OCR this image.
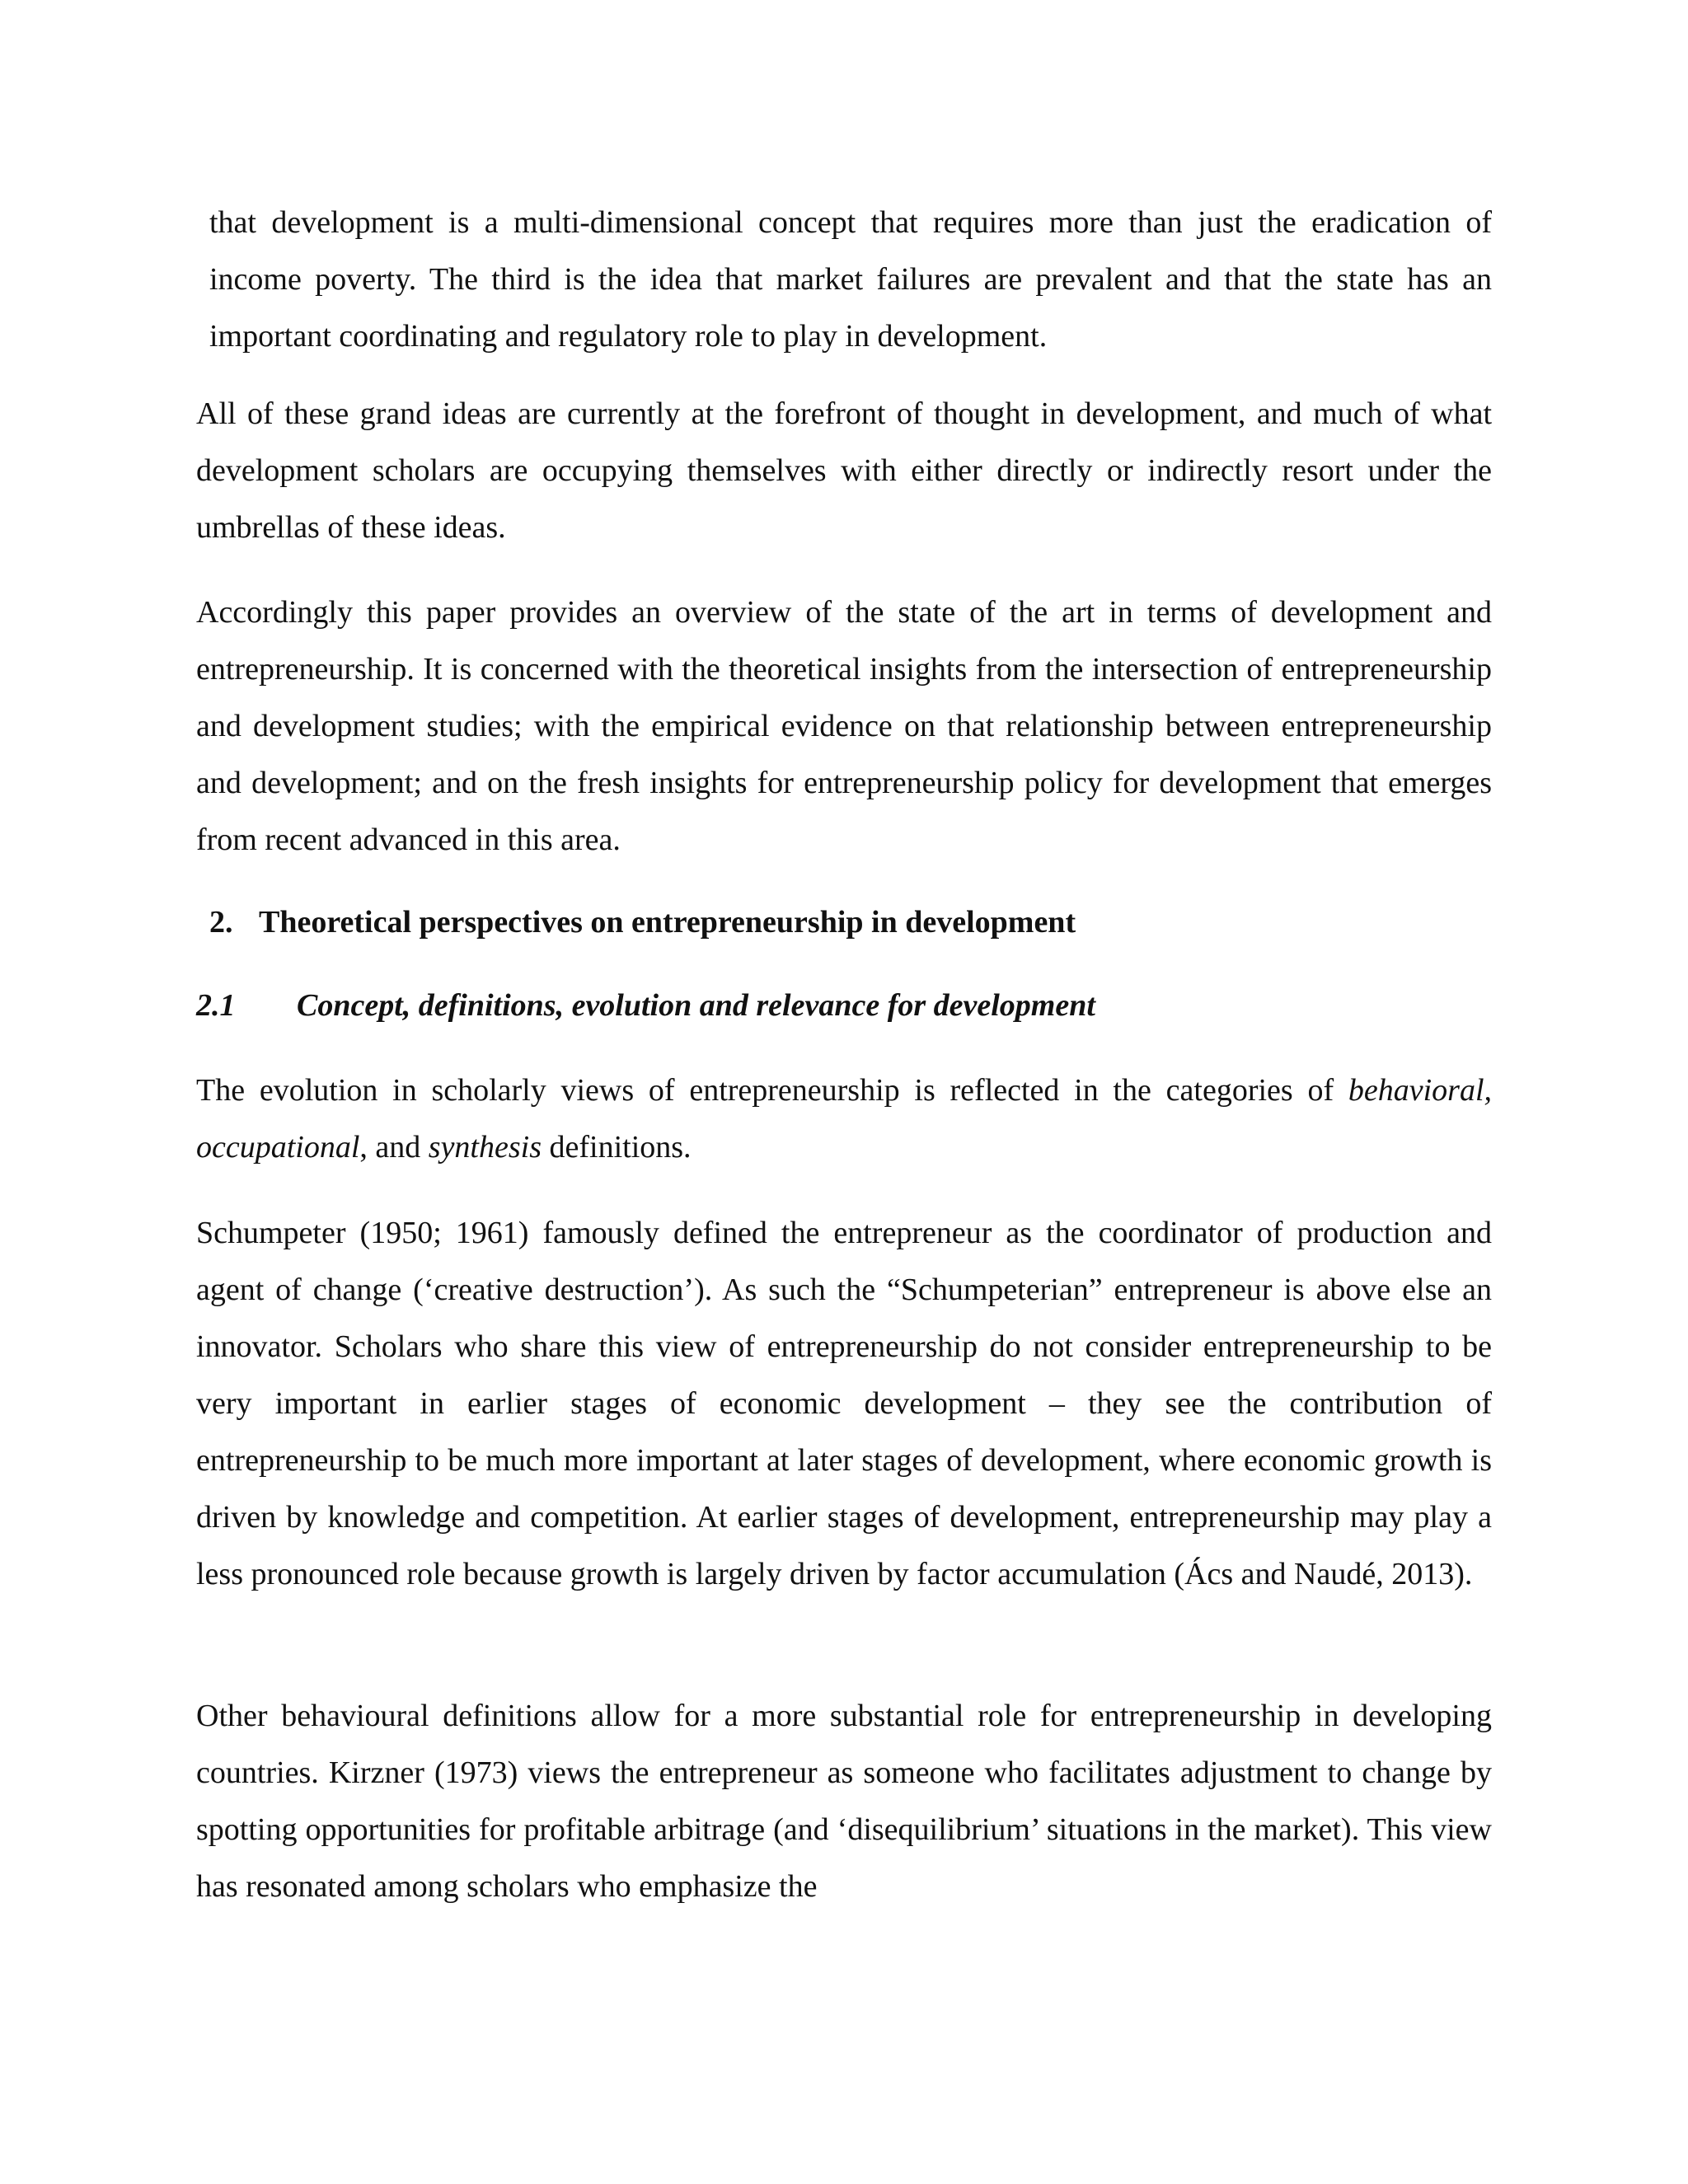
that development is a multi-dimensional concept that requires more than just the eradication of income poverty. The third is the idea that market failures are prevalent and that the state has an important coordinating and regulatory role to play in development.

All of these grand ideas are currently at the forefront of thought in development, and much of what development scholars are occupying themselves with either directly or indirectly resort under the umbrellas of these ideas.

Accordingly this paper provides an overview of the state of the art in terms of development and entrepreneurship. It is concerned with the theoretical insights from the intersection of entrepreneurship and development studies; with the empirical evidence on that relationship between entrepreneurship and development; and on the fresh insights for entrepreneurship policy for development that emerges from recent advanced in this area.

2. Theoretical perspectives on entrepreneurship in development
2.1 Concept, definitions, evolution and relevance for development

The evolution in scholarly views of entrepreneurship is reflected in the categories of behavioral, occupational, and synthesis definitions.

Schumpeter (1950; 1961) famously defined the entrepreneur as the coordinator of production and agent of change (‘creative destruction’). As such the “Schumpeterian” entrepreneur is above else an innovator. Scholars who share this view of entrepreneurship do not consider entrepreneurship to be very important in earlier stages of economic development – they see the contribution of entrepreneurship to be much more important at later stages of development, where economic growth is driven by knowledge and competition. At earlier stages of development, entrepreneurship may play a less pronounced role because growth is largely driven by factor accumulation (Ács and Naudé, 2013).

Other behavioural definitions allow for a more substantial role for entrepreneurship in developing countries. Kirzner (1973) views the entrepreneur as someone who facilitates adjustment to change by spotting opportunities for profitable arbitrage (and ‘disequilibrium’ situations in the market). This view has resonated among scholars who emphasize the
